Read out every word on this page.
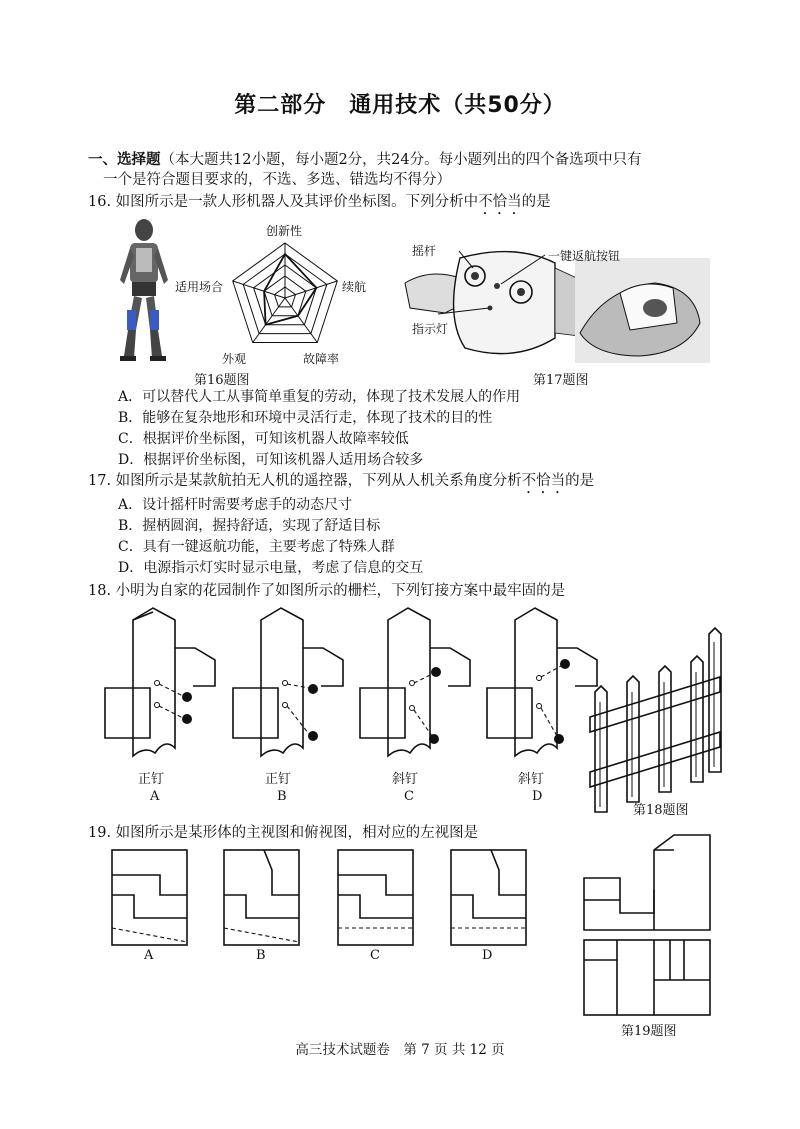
第二部分　通用技术（共50分）
一、选择题（本大题共12小题，每小题2分，共24分。每小题列出的四个备选项中只有
一个是符合题目要求的，不选、多选、错选均不得分）
16. 如图所示是一款人形机器人及其评价坐标图。下列分析中不恰当的是
创新性
续航
故障率
外观
适用场合
第16题图
摇杆	一键返航按钮
指示灯
第17题图
A．可以替代人工从事简单重复的劳动，体现了技术发展人的作用
B．能够在复杂地形和环境中灵活行走，体现了技术的目的性
C．根据评价坐标图，可知该机器人故障率较低
D．根据评价坐标图，可知该机器人适用场合较多
17. 如图所示是某款航拍无人机的遥控器，下列从人机关系角度分析不恰当的是
A．设计摇杆时需要考虑手的动态尺寸
B．握柄圆润，握持舒适，实现了舒适目标
C．具有一键返航功能，主要考虑了特殊人群
D．电源指示灯实时显示电量，考虑了信息的交互
18. 小明为自家的花园制作了如图所示的栅栏，下列钉接方案中最牢固的是
正钉
A
正钉
B
斜钉
C
斜钉
D
第18题图
19. 如图所示是某形体的主视图和俯视图，相对应的左视图是
A	B	C	D
第19题图
高三技术试题卷　第 7 页 共 12 页
